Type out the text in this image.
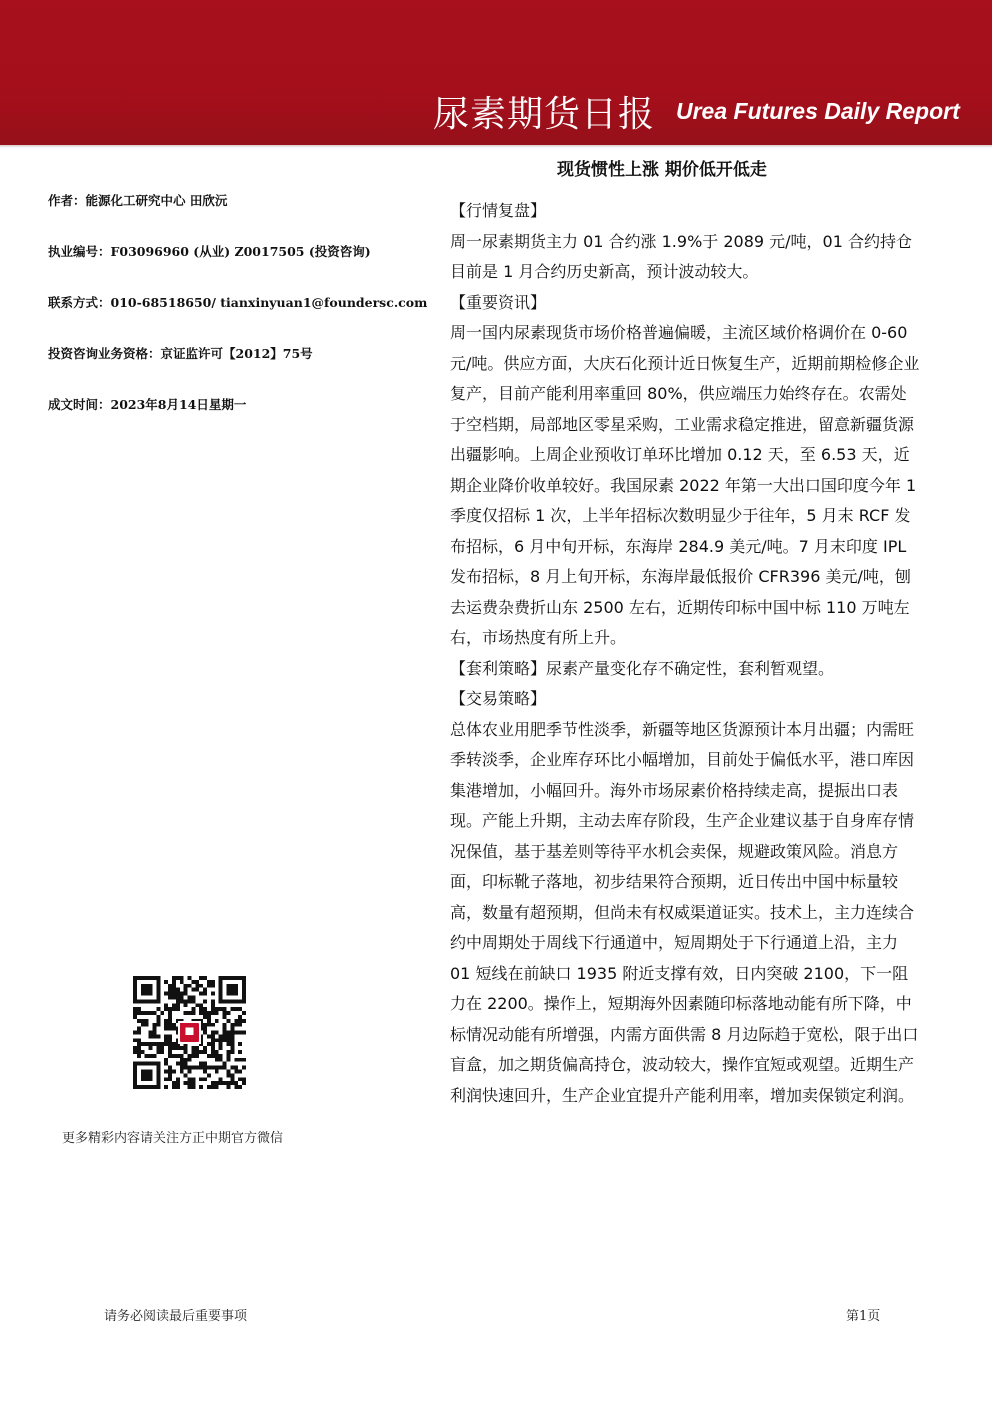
尿素期货日报 Urea Futures Daily Report
现货惯性上涨 期价低开低走
作者：能源化工研究中心 田欣沅
执业编号：F03096960 (从业) Z0017505 (投资咨询)
联系方式：010-68518650/ tianxinyuan1@foundersc.com
投资咨询业务资格：京证监许可【2012】75号
成文时间：2023年8月14日星期一

【行情复盘】

周一尿素期货主力 01 合约涨 1.9%于 2089 元/吨，01 合约持仓目前是 1 月合约历史新高，预计波动较大。

【重要资讯】

周一国内尿素现货市场价格普遍偏暖，主流区域价格调价在 0-60 元/吨。供应方面，大庆石化预计近日恢复生产，近期前期检修企业复产，目前产能利用率重回 80%，供应端压力始终存在。农需处于空档期，局部地区零星采购，工业需求稳定推进，留意新疆货源出疆影响。上周企业预收订单环比增加 0.12 天，至 6.53 天，近期企业降价收单较好。我国尿素 2022 年第一大出口国印度今年 1 季度仅招标 1 次，上半年招标次数明显少于往年，5 月末 RCF 发布招标，6 月中旬开标，东海岸 284.9 美元/吨。7 月末印度 IPL 发布招标，8 月上旬开标，东海岸最低报价 CFR396 美元/吨，刨去运费杂费折山东 2500 左右，近期传印标中国中标 110 万吨左右，市场热度有所上升。

【套利策略】尿素产量变化存不确定性，套利暂观望。

【交易策略】

总体农业用肥季节性淡季，新疆等地区货源预计本月出疆；内需旺季转淡季，企业库存环比小幅增加，目前处于偏低水平，港口库因集港增加，小幅回升。海外市场尿素价格持续走高，提振出口表现。产能上升期，主动去库存阶段，生产企业建议基于自身库存情况保值，基于基差则等待平水机会卖保，规避政策风险。消息方面，印标靴子落地，初步结果符合预期，近日传出中国中标量较高，数量有超预期，但尚未有权威渠道证实。技术上，主力连续合约中周期处于周线下行通道中，短周期处于下行通道上沿，主力 01 短线在前缺口 1935 附近支撑有效，日内突破 2100，下一阻力在 2200。操作上，短期海外因素随印标落地动能有所下降，中标情况动能有所增强，内需方面供需 8 月边际趋于宽松，限于出口盲盒，加之期货偏高持仓，波动较大，操作宜短或观望。近期生产利润快速回升，生产企业宜提升产能利用率，增加卖保锁定利润。

更多精彩内容请关注方正中期官方微信
请务必阅读最后重要事项	第1页
